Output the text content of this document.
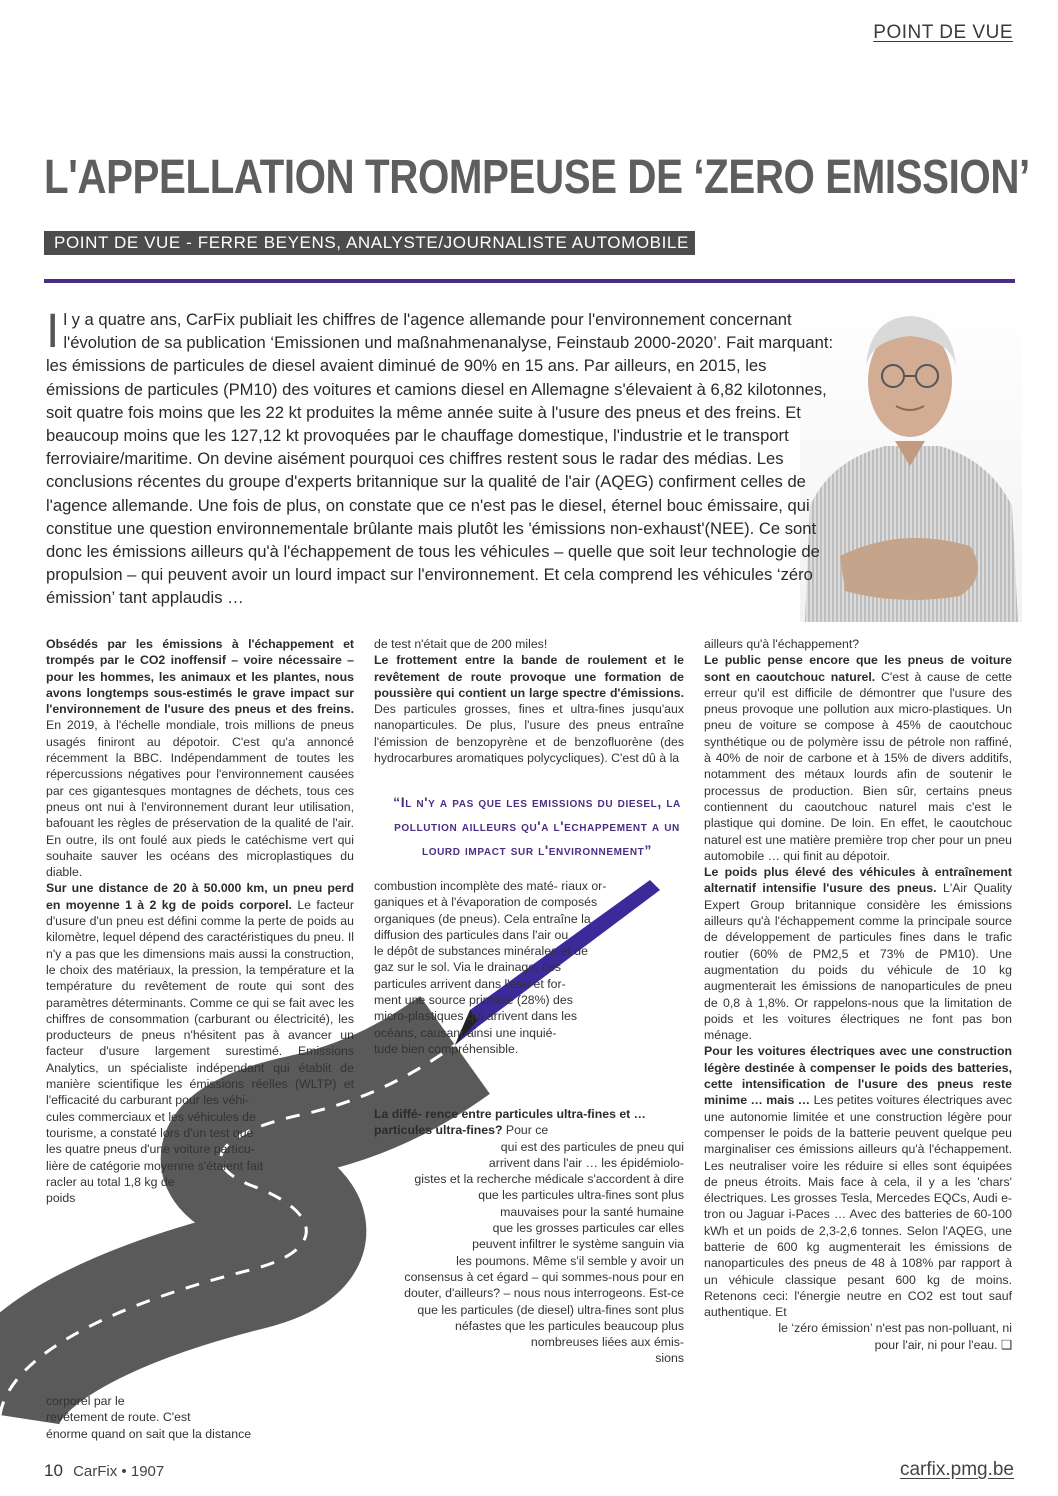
POINT DE VUE
L'APPELLATION TROMPEUSE DE ‘ZERO EMISSION’
POINT DE VUE - FERRE BEYENS, ANALYSTE/JOURNALISTE AUTOMOBILE
I l y a quatre ans, CarFix publiait les chiffres de l'agence allemande pour l'environnement concernant l'évolution de sa publication ‘Emissionen und maßnahmenanalyse, Feinstaub 2000-2020’. Fait marquant: les émissions de particules de diesel avaient diminué de 90% en 15 ans. Par ailleurs, en 2015, les émissions de particules (PM10) des voitures et camions diesel en Allemagne s'élevaient à 6,82 kilotonnes, soit quatre fois moins que les 22 kt produites la même année suite à l'usure des pneus et des freins. Et beaucoup moins que les 127,12 kt provoquées par le chauffage domestique, l'industrie et le transport ferroviaire/maritime. On devine aisément pourquoi ces chiffres restent sous le radar des médias. Les conclusions récentes du groupe d'experts britannique sur la qualité de l'air (AQEG) confirment celles de l'agence allemande. Une fois de plus, on constate que ce n'est pas le diesel, éternel bouc émissaire, qui constitue une question environnementale brûlante mais plutôt les 'émissions non-exhaust'(NEE). Ce sont donc les émissions ailleurs qu'à l'échappement de tous les véhicules – quelle que soit leur technologie de propulsion – qui peuvent avoir un lourd impact sur l'environnement. Et cela comprend les véhicules ‘zéro émission’ tant applaudis …

Obsédés par les émissions à l'échappement et trompés par le CO2 inoffensif – voire nécessaire – pour les hommes, les animaux et les plantes, nous avons longtemps sous-estimés le grave impact sur l'environnement de l'usure des pneus et des freins. En 2019, à l'échelle mondiale, trois millions de pneus usagés finiront au dépotoir. C'est qu'a annoncé récemment la BBC. Indépendamment de toutes les répercussions négatives pour l'environnement causées par ces gigantesques montagnes de déchets, tous ces pneus ont nui à l'environnement durant leur utilisation, bafouant les règles de préservation de la qualité de l'air. En outre, ils ont foulé aux pieds le catéchisme vert qui souhaite sauver les océans des microplastiques du diable.

Sur une distance de 20 à 50.000 km, un pneu perd en moyenne 1 à 2 kg de poids corporel. Le facteur d'usure d'un pneu est défini comme la perte de poids au kilomètre, lequel dépend des caractéristiques du pneu. Il n'y a pas que les dimensions mais aussi la construction, le choix des matériaux, la pression, la température et la température du revêtement de route qui sont des paramètres déterminants. Comme ce qui se fait avec les chiffres de consommation (carburant ou électricité), les producteurs de pneus n'hésitent pas à avancer un facteur d'usure largement surestimé. Emissions Analytics, un spécialiste indépendant qui établit de manière scientifique les émissions réelles (WLTP) et l'efficacité du carburant pour les véhi-

cules commerciaux et les véhicules de
tourisme, a constaté lors d'un test que
les quatre pneus d'une voiture particu-
lière de catégorie moyenne s'étaient fait
racler au total 1,8 kg de
poids
corporel par le
revêtement de route. C'est
énorme quand on sait que la distance

de test n'était que de 200 miles!

Le frottement entre la bande de roulement et le revêtement de route provoque une formation de poussière qui contient un large spectre d'émissions. Des particules grosses, fines et ultra-fines jusqu'aux nanoparticules. De plus, l'usure des pneus entraîne l'émission de benzopyrène et de benzofluorène (des hydrocarbures aromatiques polycycliques). C'est dû à la

“Il n'y a pas que les emissions du diesel, la pollution ailleurs qu'a l'echappement a un lourd impact sur l'environnement”
combustion incomplète des maté- riaux or-
ganiques et à l'évaporation de composés
organiques (de pneus). Cela entraîne la
diffusion des particules dans l'air ou
le dépôt de substances minérales et de
gaz sur le sol. Via le drainage, ces
particules arrivent dans l'eau et for-
ment une source primaire (28%) des
micro-plastiques qui arrivent dans les
océans, causant ainsi une inquié-
tude bien compréhensible.
La diffé- rence entre particules ultra-fines et … particules ultra-fines? Pour ce
qui est des particules de pneu qui
arrivent dans l'air … les épidémiolo-
gistes et la recherche médicale s'accordent à dire
que les particules ultra-fines sont plus
mauvaises pour la santé humaine
que les grosses particules car elles
peuvent infiltrer le système sanguin via
les poumons. Même s'il semble y avoir un
consensus à cet égard – qui sommes-nous pour en
douter, d'ailleurs? – nous nous interrogeons. Est-ce
que les particules (de diesel) ultra-fines sont plus
néfastes que les particules beaucoup plus
nombreuses liées aux émis-
sions

ailleurs qu'à l'échappement?

Le public pense encore que les pneus de voiture sont en caoutchouc naturel. C'est à cause de cette erreur qu'il est difficile de démontrer que l'usure des pneus provoque une pollution aux micro-plastiques. Un pneu de voiture se compose à 45% de caoutchouc synthétique ou de polymère issu de pétrole non raffiné, à 40% de noir de carbone et à 15% de divers additifs, notamment des métaux lourds afin de soutenir le processus de production. Bien sûr, certains pneus contiennent du caoutchouc naturel mais c'est le plastique qui domine. De loin. En effet, le caoutchouc naturel est une matière première trop cher pour un pneu automobile … qui finit au dépotoir.

Le poids plus élevé des véhicules à entraînement alternatif intensifie l'usure des pneus. L'Air Quality Expert Group britannique considère les émissions ailleurs qu'à l'échappement comme la principale source de développement de particules fines dans le trafic routier (60% de PM2,5 et 73% de PM10). Une augmentation du poids du véhicule de 10 kg augmenterait les émissions de nanoparticules de pneu de 0,8 à 1,8%. Or rappelons-nous que la limitation de poids et les voitures électriques ne font pas bon ménage.

Pour les voitures électriques avec une construction légère destinée à compenser le poids des batteries, cette intensification de l'usure des pneus reste minime … mais … Les petites voitures électriques avec une autonomie limitée et une construction légère pour compenser le poids de la batterie peuvent quelque peu marginaliser ces émissions ailleurs qu'à l'échappement. Les neutraliser voire les réduire si elles sont équipées de pneus étroits. Mais face à cela, il y a les 'chars' électriques. Les grosses Tesla, Mercedes EQCs, Audi e-tron ou Jaguar i-Paces … Avec des batteries de 60-100 kWh et un poids de 2,3-2,6 tonnes. Selon l'AQEG, une batterie de 600 kg augmenterait les émissions de nanoparticules des pneus de 48 à 108% par rapport à un véhicule classique pesant 600 kg de moins. Retenons ceci: l'énergie neutre en CO2 est tout sauf authentique. Et

le ‘zéro émission’ n'est pas non-polluant, ni
pour l'air, ni pour l'eau. ❑
10 CarFix • 1907	carfix.pmg.be
